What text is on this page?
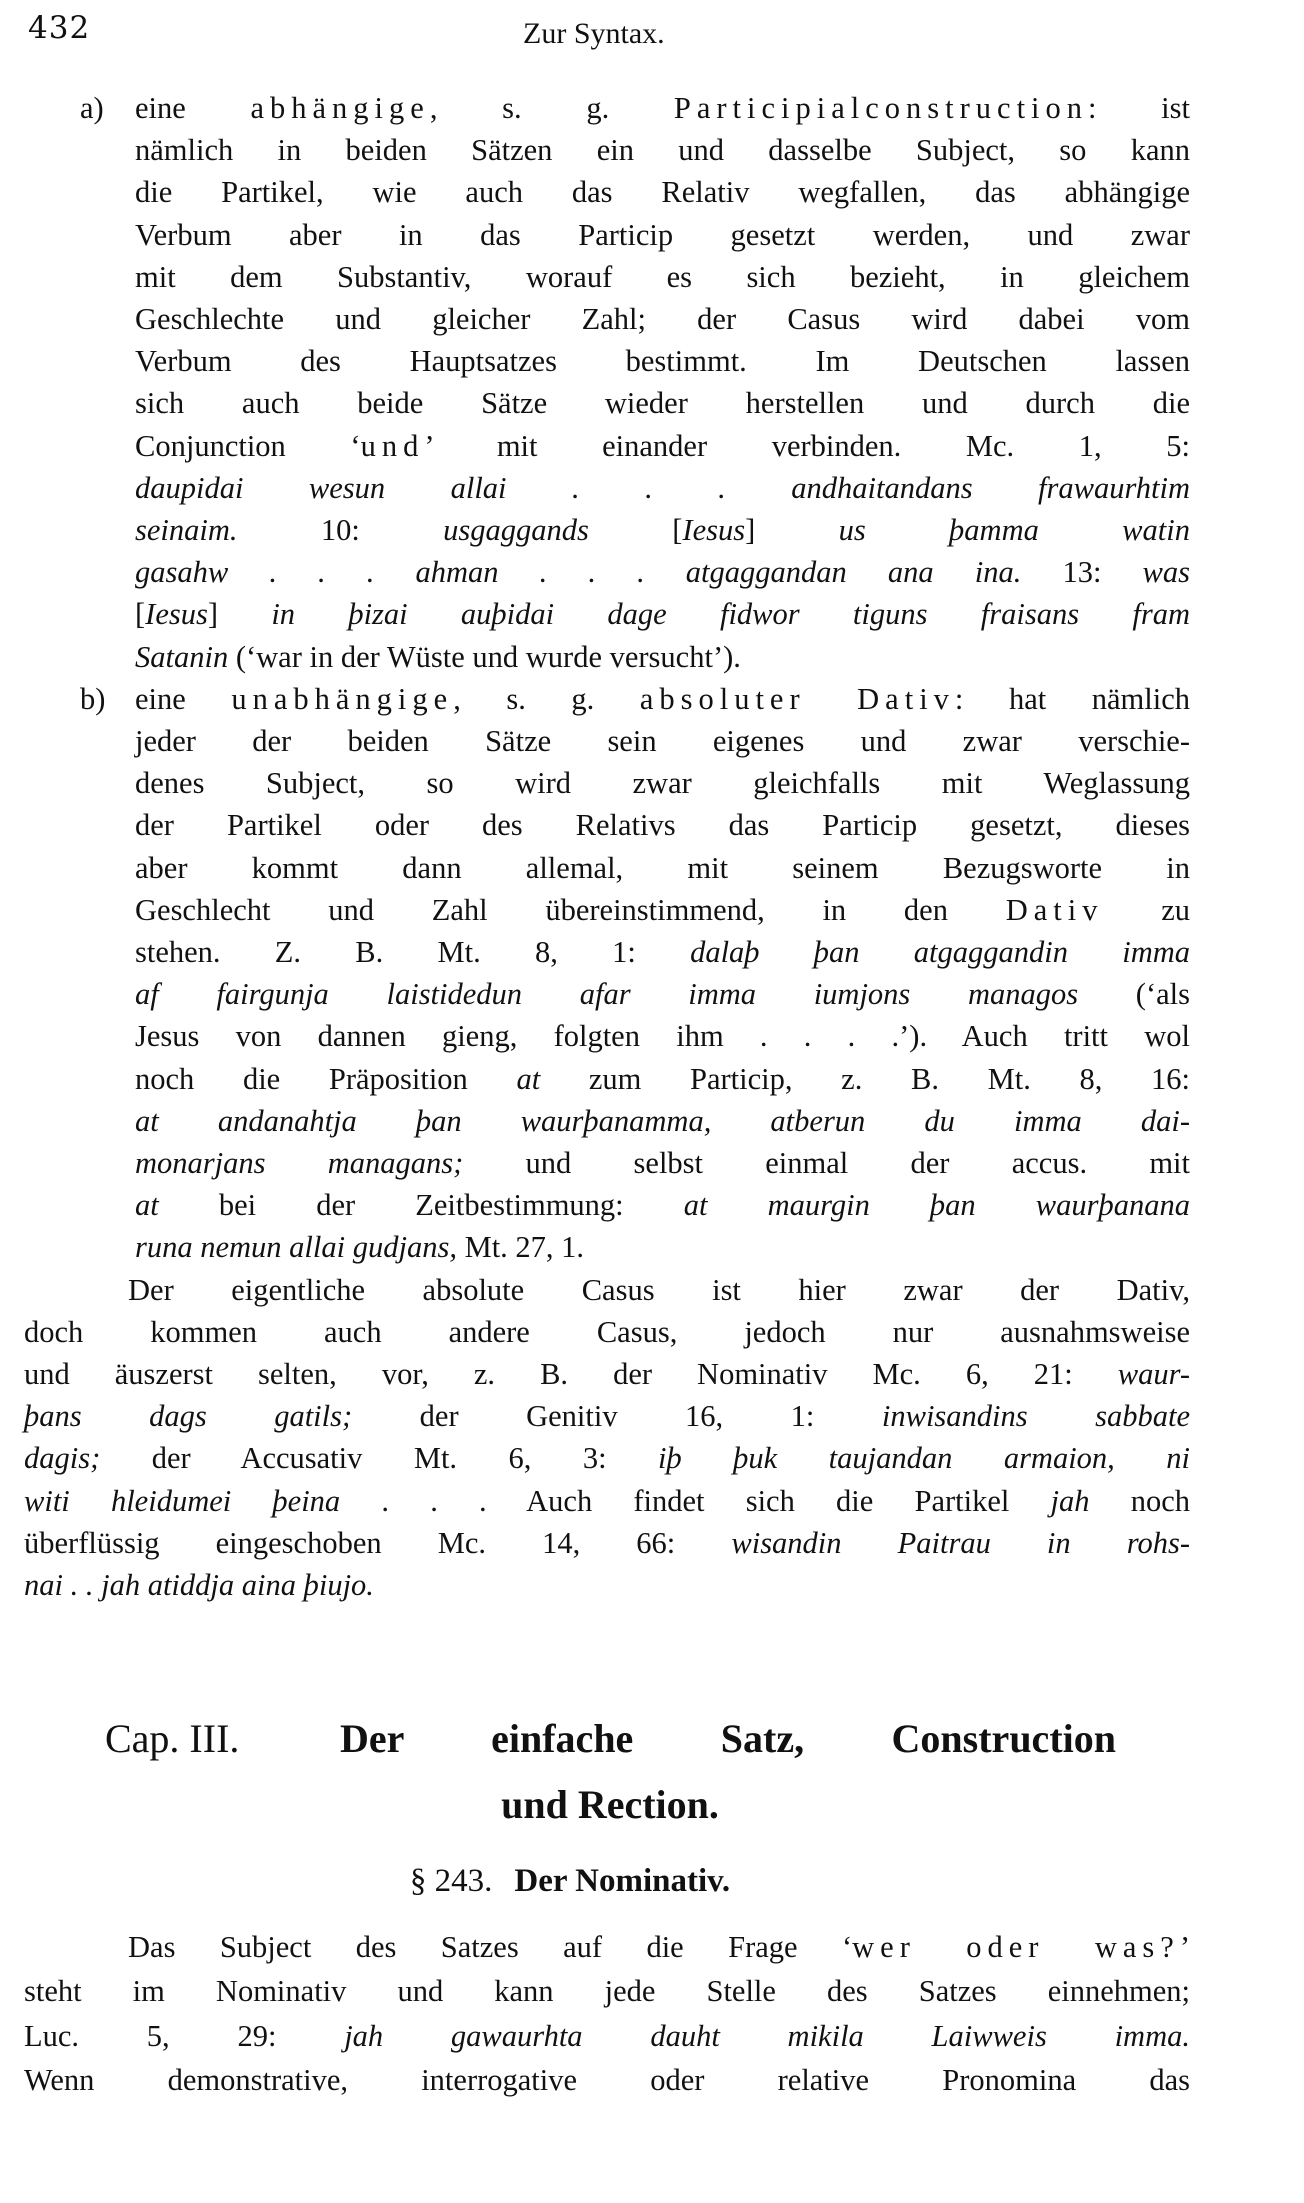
432	Zur Syntax.
a) eine abhängige, s. g. Participialconstruction: ist
nämlich in beiden Sätzen ein und dasselbe Subject, so kann
die Partikel, wie auch das Relativ wegfallen, das abhängige
Verbum aber in das Particip gesetzt werden, und zwar
mit dem Substantiv, worauf es sich bezieht, in gleichem
Geschlechte und gleicher Zahl; der Casus wird dabei vom
Verbum des Hauptsatzes bestimmt. Im Deutschen lassen
sich auch beide Sätze wieder herstellen und durch die
Conjunction ‘und’ mit einander verbinden. Mc. 1, 5:
daupidai wesun allai . . . andhaitandans frawaurhtim
seinaim. 10: usgaggands [Iesus] us þamma watin
gasahw . . . ahman . . . atgaggandan ana ina. 13: was
[Iesus] in þizai auþidai dage fidwor tiguns fraisans fram
Satanin (‘war in der Wüste und wurde versucht’).
b) eine unabhängige, s. g. absoluter Dativ: hat nämlich
jeder der beiden Sätze sein eigenes und zwar verschie-
denes Subject, so wird zwar gleichfalls mit Weglassung
der Partikel oder des Relativs das Particip gesetzt, dieses
aber kommt dann allemal, mit seinem Bezugsworte in
Geschlecht und Zahl übereinstimmend, in den Dativ zu
stehen. Z. B. Mt. 8, 1: dalaþ þan atgaggandin imma
af fairgunja laistidedun afar imma iumjons managos (‘als
Jesus von dannen gieng, folgten ihm . . . .’). Auch tritt wol
noch die Präposition at zum Particip, z. B. Mt. 8, 16:
at andanahtja þan waurþanamma, atberun du imma dai-
monarjans managans; und selbst einmal der accus. mit
at bei der Zeitbestimmung: at maurgin þan waurþanana
runa nemun allai gudjans, Mt. 27, 1.
Der eigentliche absolute Casus ist hier zwar der Dativ,
doch kommen auch andere Casus, jedoch nur ausnahmsweise
und äuszerst selten, vor, z. B. der Nominativ Mc. 6, 21: waur-
þans dags gatils; der Genitiv 16, 1: inwisandins sabbate
dagis; der Accusativ Mt. 6, 3: iþ þuk taujandan armaion, ni
witi hleidumei þeina . . . Auch findet sich die Partikel jah noch
überflüssig eingeschoben Mc. 14, 66: wisandin Paitrau in rohs-
nai . . jah atiddja aina þiujo.
Das Subject des Satzes auf die Frage ‘wer oder was?’
steht im Nominativ und kann jede Stelle des Satzes einnehmen;
Luc. 5, 29: jah gawaurhta dauht mikila Laiwweis imma.
Wenn demonstrative, interrogative oder relative Pronomina das
Cap. III.	Der einfache Satz, Construction
und Rection.
§ 243. Der Nominativ.
